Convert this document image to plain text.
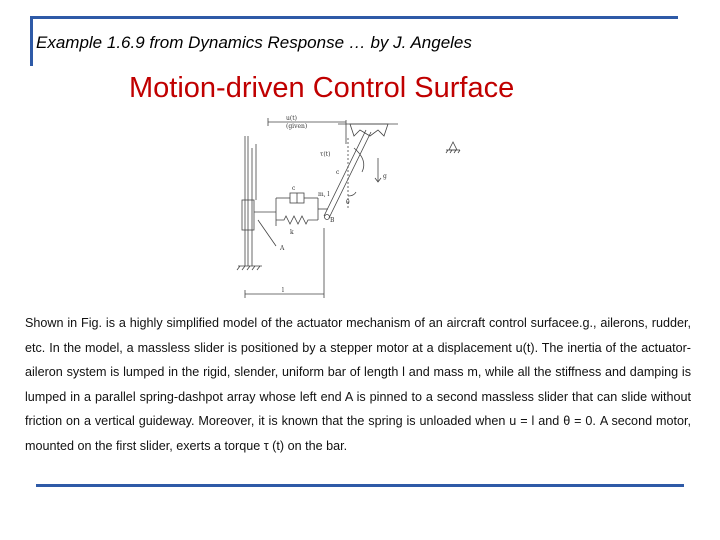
Example 1.6.9 from Dynamics Response … by J. Angeles
Motion-driven Control Surface
u(t)
(given)
τ(t)
c
g
θ
m, l
B
A
k
c
l
Shown in Fig. is a highly simplified model of the actuator mechanism of an aircraft control surfacee.g., ailerons, rudder, etc. In the model, a massless slider is positioned by a stepper motor at a displacement u(t). The inertia of the actuator-aileron system is lumped in the rigid, slender, uniform bar of length l and mass m, while all the stiffness and damping is lumped in a parallel spring-dashpot array whose left end A is pinned to a second massless slider that can slide without friction on a vertical guideway. Moreover, it is known that the spring is unloaded when u = l and θ = 0. A second motor, mounted on the first slider, exerts a torque τ (t) on the bar.
